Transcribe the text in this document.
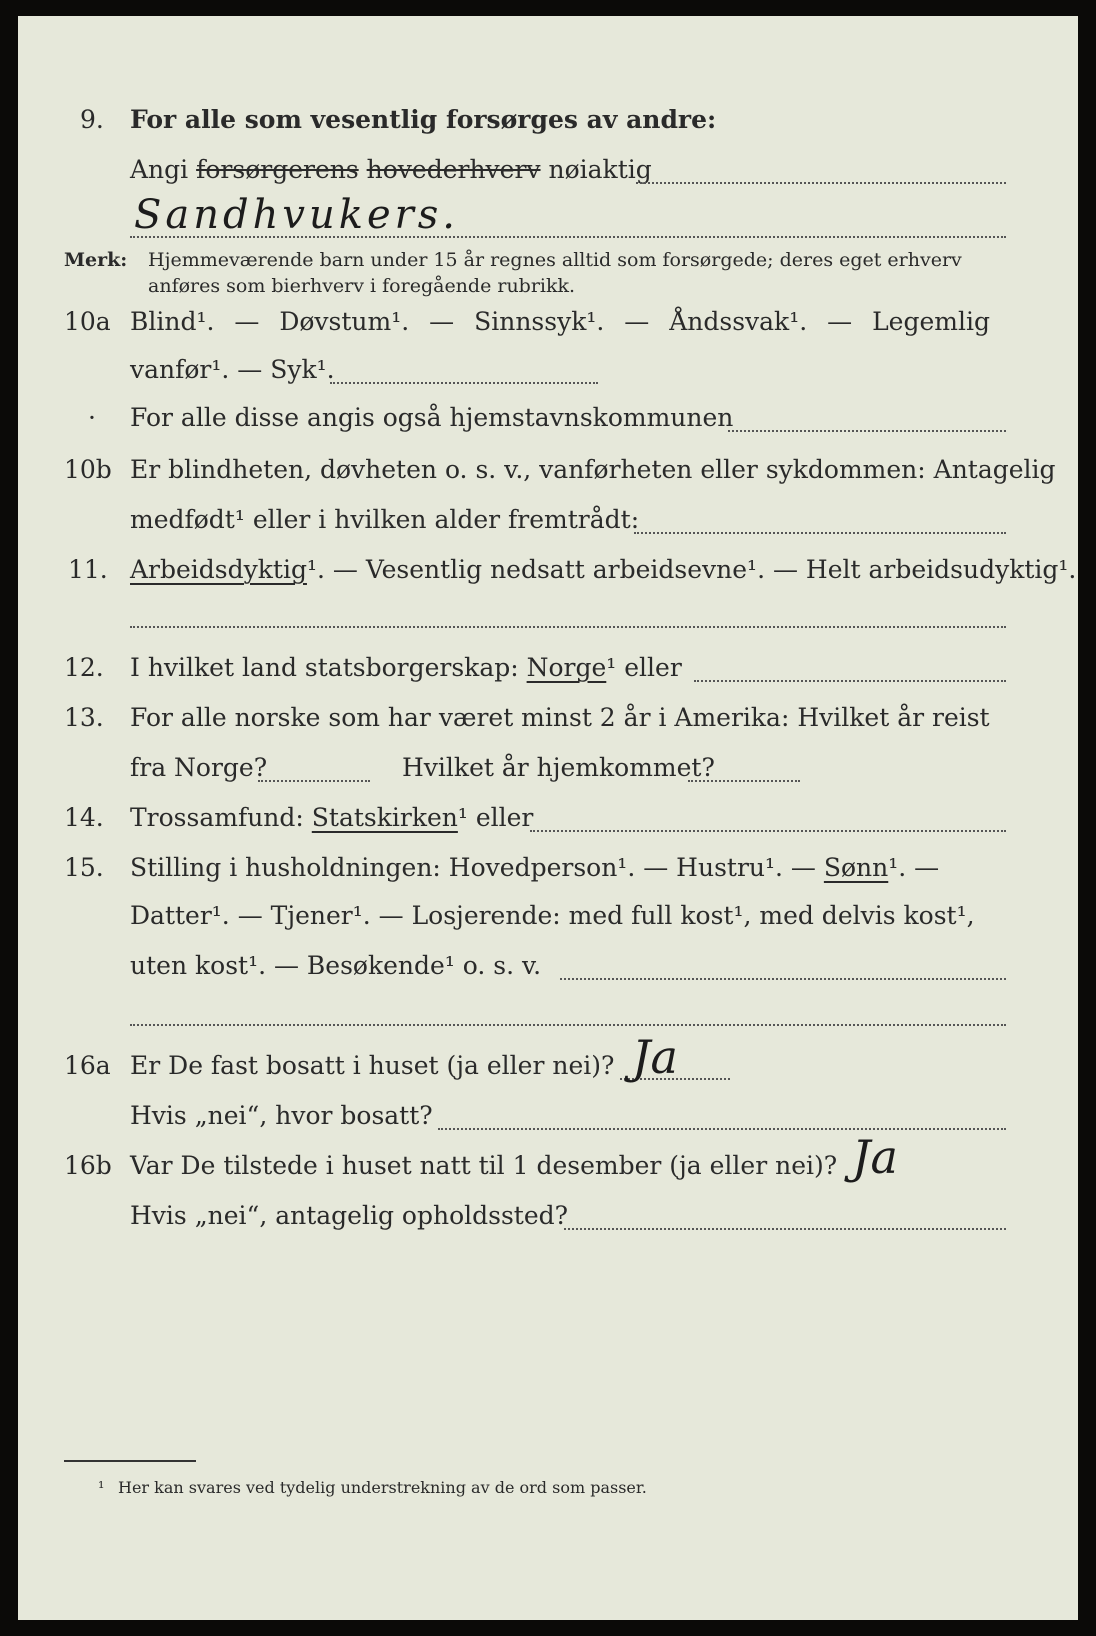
9. For alle som vesentlig forsørges av andre:
Angi forsørgerens hovederhverv nøiaktig
Sandhvukers.
Merk: Hjemmeværende barn under 15 år regnes alltid som forsørgede; deres eget erhverv
anføres som bierhverv i foregående rubrikk.
10a Blind¹. — Døvstum¹. — Sinnssyk¹. — Åndssvak¹. — Legemlig
vanfør¹. — Syk¹.
· For alle disse angis også hjemstavnskommunen
10b Er blindheten, døvheten o. s. v., vanførheten eller sykdommen: Antagelig
medfødt¹ eller i hvilken alder fremtrådt:
11. Arbeidsdyktig¹. — Vesentlig nedsatt arbeidsevne¹. — Helt arbeidsudyktig¹.
12. I hvilket land statsborgerskap: Norge¹ eller
13. For alle norske som har været minst 2 år i Amerika: Hvilket år reist
fra Norge?	Hvilket år hjemkommet?
14. Trossamfund: Statskirken¹ eller
15. Stilling i husholdningen: Hovedperson¹. — Hustru¹. — Sønn¹. —
Datter¹. — Tjener¹. — Losjerende: med full kost¹, med delvis kost¹,
uten kost¹. — Besøkende¹ o. s. v.
16a Er De fast bosatt i huset (ja eller nei)? Ja
Hvis „nei“, hvor bosatt?
16b Var De tilstede i huset natt til 1 desember (ja eller nei)? Ja
Hvis „nei“, antagelig opholdssted?
¹ Her kan svares ved tydelig understrekning av de ord som passer.
